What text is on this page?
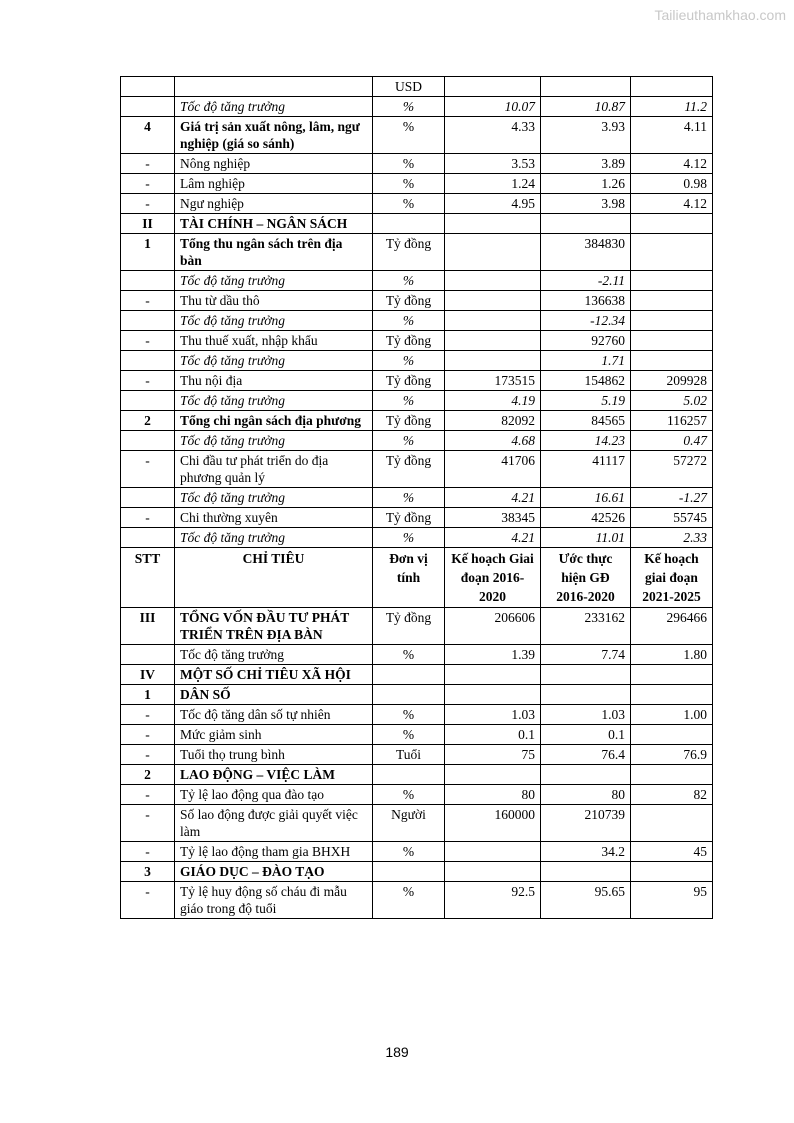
Tailieuthamkhao.com
		USD			
	Tốc độ tăng trưởng	%	10.07	10.87	11.2
4	Giá trị sản xuất nông, lâm, ngư nghiệp (giá so sánh)	%	4.33	3.93	4.11
-	Nông nghiệp	%	3.53	3.89	4.12
-	Lâm nghiệp	%	1.24	1.26	0.98
-	Ngư nghiệp	%	4.95	3.98	4.12
II	TÀI CHÍNH – NGÂN SÁCH				
1	Tổng thu ngân sách trên địa bàn	Tỷ đồng		384830	
	Tốc độ tăng trưởng	%		-2.11	
-	Thu từ dầu thô	Tỷ đồng		136638	
	Tốc độ tăng trưởng	%		-12.34	
-	Thu thuế xuất, nhập khẩu	Tỷ đồng		92760	
	Tốc độ tăng trưởng	%		1.71	
-	Thu nội địa	Tỷ đồng	173515	154862	209928
	Tốc độ tăng trưởng	%	4.19	5.19	5.02
2	Tổng chi ngân sách địa phương	Tỷ đồng	82092	84565	116257
	Tốc độ tăng trưởng	%	4.68	14.23	0.47
-	Chi đầu tư phát triển do địa phương quản lý	Tỷ đồng	41706	41117	57272
	Tốc độ tăng trưởng	%	4.21	16.61	-1.27
-	Chi thường xuyên	Tỷ đồng	38345	42526	55745
	Tốc độ tăng trưởng	%	4.21	11.01	2.33
STT	CHỈ TIÊU	Đơn vị tính	Kế hoạch Giai đoạn 2016-2020	Ước thực hiện GĐ 2016-2020	Kế hoạch giai đoạn 2021-2025
III	TỔNG VỐN ĐẦU TƯ PHÁT TRIỂN TRÊN ĐỊA BÀN	Tỷ đồng	206606	233162	296466
	Tốc độ tăng trưởng	%	1.39	7.74	1.80
IV	MỘT SỐ CHỈ TIÊU XÃ HỘI				
1	DÂN SỐ				
-	Tốc độ tăng dân số tự nhiên	%	1.03	1.03	1.00
-	Mức giảm sinh	%	0.1	0.1	
-	Tuổi thọ trung bình	Tuổi	75	76.4	76.9
2	LAO ĐỘNG – VIỆC LÀM				
-	Tỷ lệ lao động qua đào tạo	%	80	80	82
-	Số lao động được giải quyết việc làm	Người	160000	210739	
-	Tỷ lệ lao động tham gia BHXH	%		34.2	45
3	GIÁO DỤC – ĐÀO TẠO				
-	Tỷ lệ huy động số cháu đi mẫu giáo trong độ tuổi	%	92.5	95.65	95
189
